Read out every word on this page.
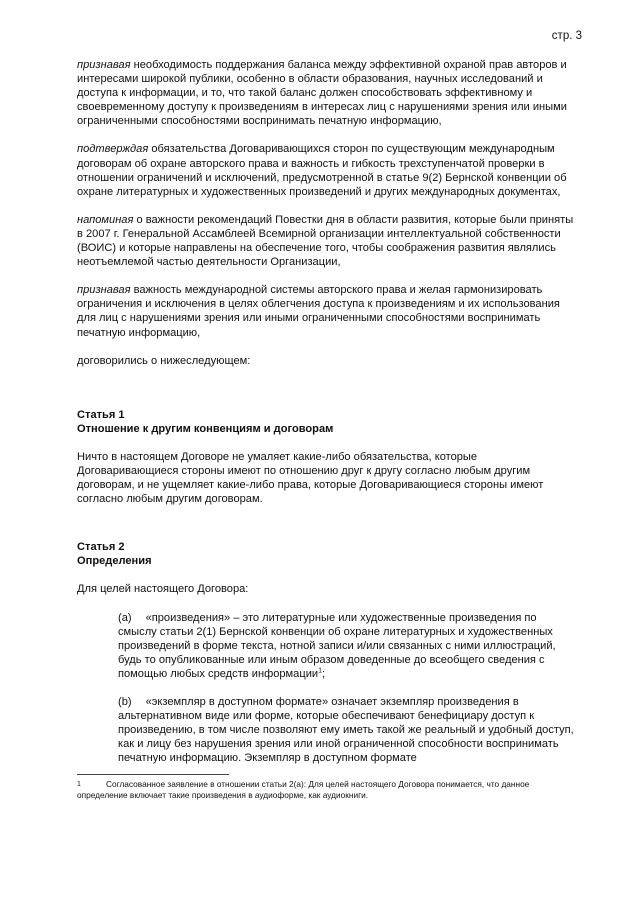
стр. 3

признавая необходимость поддержания баланса между эффективной охраной прав авторов и интересами широкой публики, особенно в области образования, научных исследований и доступа к информации, и то, что такой баланс должен способствовать эффективному и своевременному доступу к произведениям в интересах лиц с нарушениями зрения или иными ограниченными способностями воспринимать печатную информацию,

подтверждая обязательства Договаривающихся сторон по существующим международным договорам об охране авторского права и важность и гибкость трехступенчатой проверки в отношении ограничений и исключений, предусмотренной в статье 9(2) Бернской конвенции об охране литературных и художественных произведений и других международных документах,

напоминая о важности рекомендаций Повестки дня в области развития, которые были приняты в 2007 г. Генеральной Ассамблеей Всемирной организации интеллектуальной собственности (ВОИС) и которые направлены на обеспечение того, чтобы соображения развития являлись неотъемлемой частью деятельности Организации,

признавая важность международной системы авторского права и желая гармонизировать ограничения и исключения в целях облегчения доступа к произведениям и их использования для лиц с нарушениями зрения или иными ограниченными способностями воспринимать печатную информацию,

договорились о нижеследующем:

Статья 1
Отношение к другим конвенциям и договорам

Ничто в настоящем Договоре не умаляет какие-либо обязательства, которые Договаривающиеся стороны имеют по отношению друг к другу согласно любым другим договорам, и не ущемляет какие-либо права, которые Договаривающиеся стороны имеют согласно любым другим договорам.

Статья 2
Определения

Для целей настоящего Договора:

(a) «произведения» – это литературные или художественные произведения по смыслу статьи 2(1) Бернской конвенции об охране литературных и художественных произведений в форме текста, нотной записи и/или связанных с ними иллюстраций, будь то опубликованные или иным образом доведенные до всеобщего сведения с помощью любых средств информации$^1$;
(b) «экземпляр в доступном формате» означает экземпляр произведения в альтернативном виде или форме, которые обеспечивают бенефициару доступ к произведению, в том числе позволяют ему иметь такой же реальный и удобный доступ, как и лицу без нарушения зрения или иной ограниченной способности воспринимать печатную информацию. Экземпляр в доступном формате
1	Согласованное заявление в отношении статьи 2(a): Для целей настоящего Договора понимается, что данное определение включает такие произведения в аудиоформе, как аудиокниги.
